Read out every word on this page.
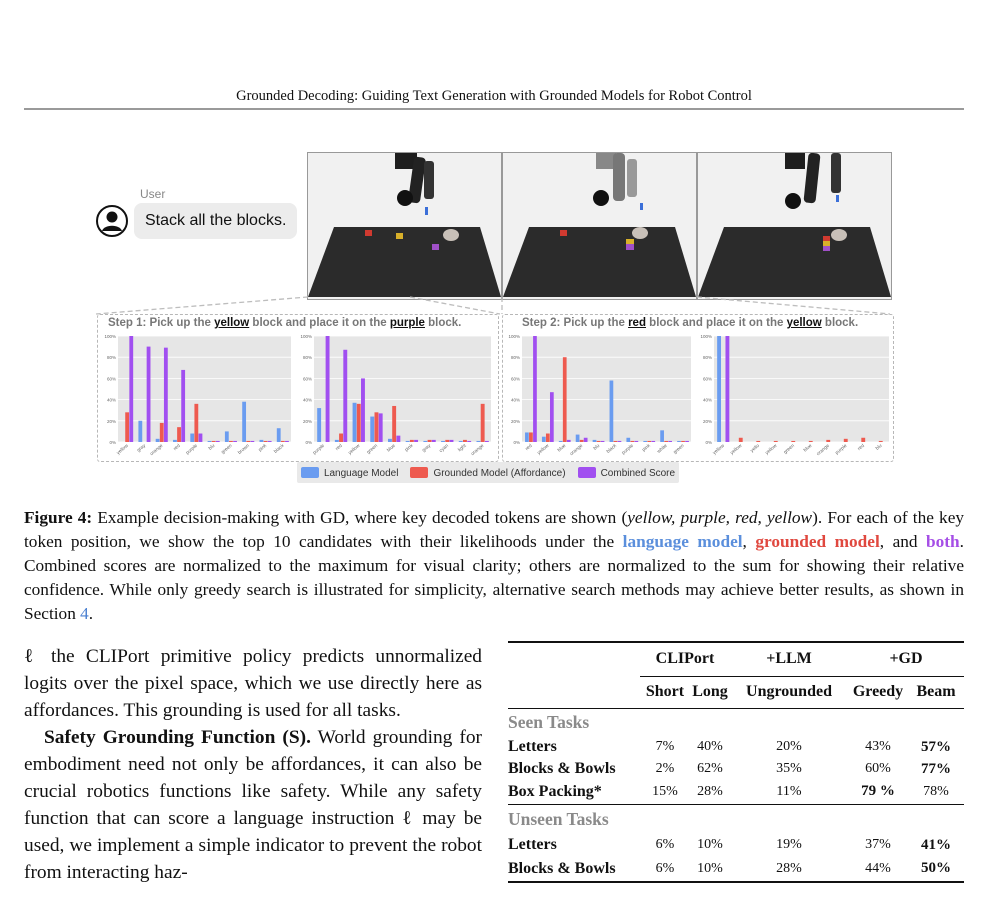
Grounded Decoding: Guiding Text Generation with Grounded Models for Robot Control
User
Stack all the blocks.
Step 1: Pick up the yellow block and place it on the purple block.	Step 2: Pick up the red block and place it on the yellow block.
100%
80%
60%
40%
20%
0%
yellow gray orange red purple blu green brown pink black
100%
80%
60%
40%
20%
0%
purple red yellow green blue pink gray cyan light orange
100%
80%
60%
40%
20%
0%
red yellow blue orange blu black purple pink white green
100%
80%
60%
40%
20%
0%
yellow yellow yello yellow green blue orange purple red blu
Language Model	Grounded Model (Affordance)	Combined Score
Figure 4: Example decision-making with GD, where key decoded tokens are shown (yellow, purple, red, yellow). For each of the key token position, we show the top 10 candidates with their likelihoods under the language model, grounded model, and both. Combined scores are normalized to the maximum for visual clarity; others are normalized to the sum for showing their relative confidence. While only greedy search is illustrated for simplicity, alternative search methods may achieve better results, as shown in Section 4.

ℓ the CLIPort primitive policy predicts unnormalized logits over the pixel space, which we use directly here as affordances. This grounding is used for all tasks.

Safety Grounding Function (S). World grounding for embodiment need not only be affordances, it can also be crucial robotics functions like safety. While any safety function that can score a language instruction ℓ may be used, we implement a simple indicator to prevent the robot from interacting haz-

	CLIPort		+LLM	+GD	
	Short	Long	Ungrounded	Greedy	Beam
Seen Tasks					
Letters	7%	40%	20%	43%	57%
Blocks & Bowls	2%	62%	35%	60%	77%
Box Packing*	15%	28%	11%	79 %	78%
Unseen Tasks					
Letters	6%	10%	19%	37%	41%
Blocks & Bowls	6%	10%	28%	44%	50%
